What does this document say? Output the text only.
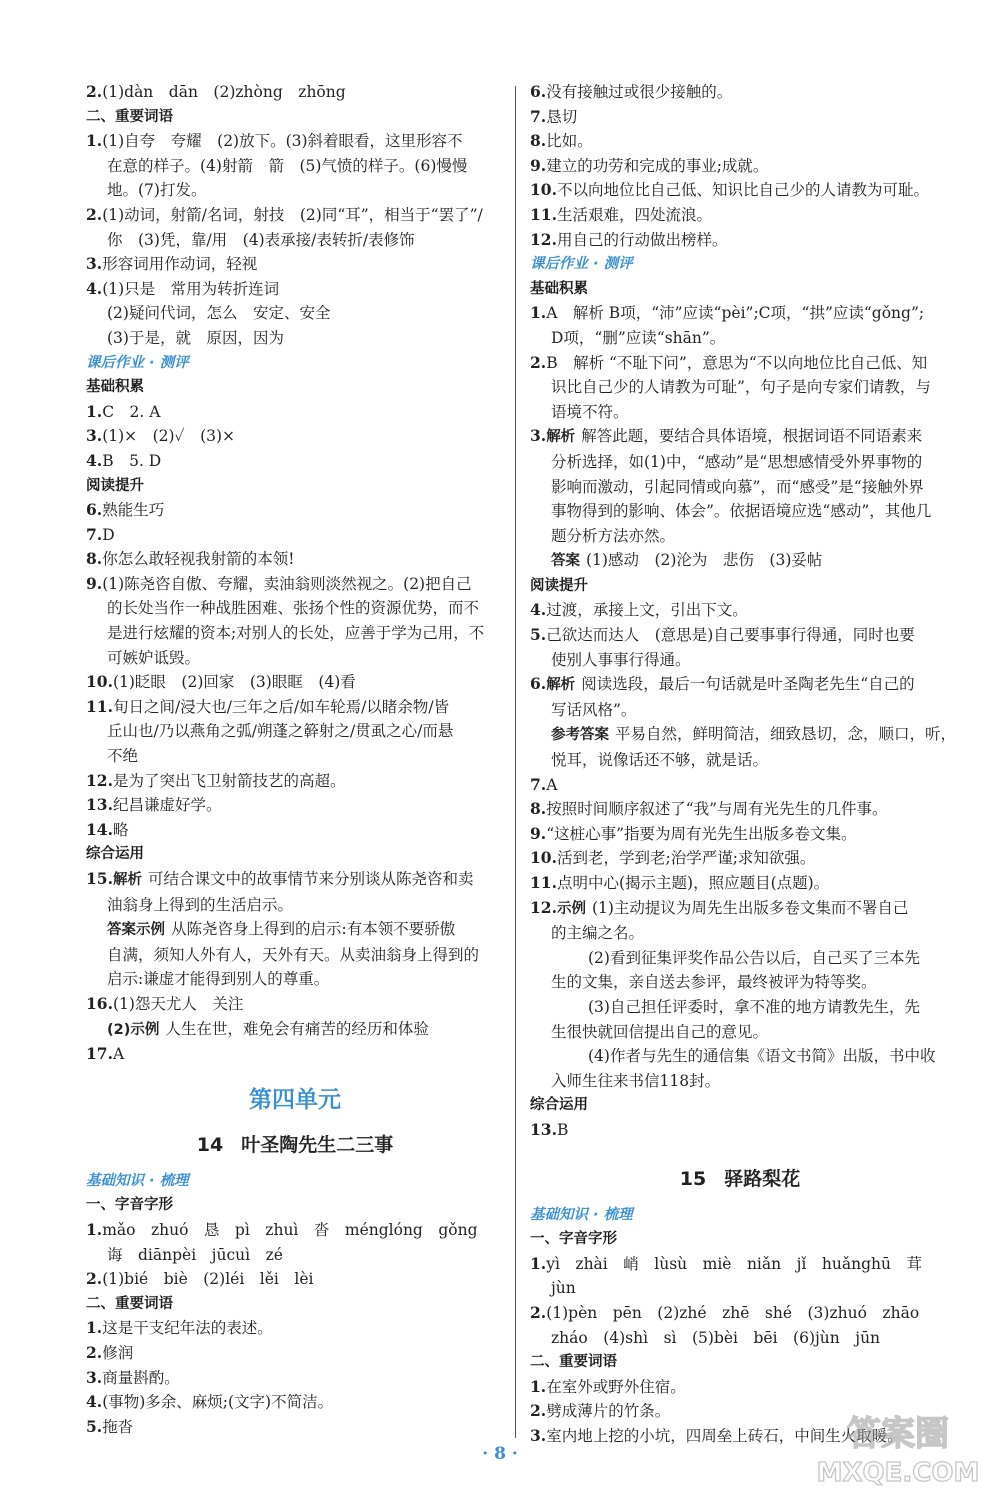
2.(1)dàn　dān　(2)zhòng　zhōng
二、重要词语
1.(1)自夸　夸耀　(2)放下。(3)斜着眼看，这里形容不
在意的样子。(4)射箭　箭　(5)气愤的样子。(6)慢慢
地。(7)打发。
2.(1)动词，射箭/名词，射技　(2)同“耳”，相当于“罢了”/
你　(3)凭，靠/用　(4)表承接/表转折/表修饰
3.形容词用作动词，轻视
4.(1)只是　常用为转折连词
(2)疑问代词，怎么　安定、安全
(3)于是，就　原因，因为
课后作业 · 测评
基础积累
1.C　2. A
3.(1)×　(2)✓　(3)×
4.B　5. D
阅读提升
6.熟能生巧
7.D
8.你怎么敢轻视我射箭的本领!
9.(1)陈尧咨自傲、夸耀，卖油翁则淡然视之。(2)把自己
的长处当作一种战胜困难、张扬个性的资源优势，而不
是进行炫耀的资本;对别人的长处，应善于学为己用，不
可嫉妒诋毁。
10.(1)眨眼　(2)回家　(3)眼眶　(4)看
11.旬日之间/浸大也/三年之后/如车轮焉/以睹余物/皆
丘山也/乃以燕角之弧/朔蓬之簳射之/贯虱之心/而悬
不绝
12.是为了突出飞卫射箭技艺的高超。
13.纪昌谦虚好学。
14.略
综合运用
15.解析 可结合课文中的故事情节来分别谈从陈尧咨和卖
油翁身上得到的生活启示。
答案示例 从陈尧咨身上得到的启示:有本领不要骄傲
自满，须知人外有人，天外有天。从卖油翁身上得到的
启示:谦虚才能得到别人的尊重。
16.(1)怨天尤人　关注
(2)示例 人生在世，难免会有痛苦的经历和体验
17.A
第四单元
14 叶圣陶先生二三事
基础知识 · 梳理
一、字音字形
1.mǎo　zhuó　恳　pì　zhuì　沓　ménglóng　gǒng
诲　diānpèi　jūcuì　zé
2.(1)bié　biè　(2)léi　lěi　lèi
二、重要词语
1.这是干支纪年法的表述。
2.修润
3.商量斟酌。
4.(事物)多余、麻烦;(文字)不简洁。
5.拖沓
6.没有接触过或很少接触的。
7.恳切
8.比如。
9.建立的功劳和完成的事业;成就。
10.不以向地位比自己低、知识比自己少的人请教为可耻。
11.生活艰难，四处流浪。
12.用自己的行动做出榜样。
课后作业 · 测评
基础积累
1.A　解析 B项，“沛”应读“pèi”;C项，“拱”应读“gǒng”;
D项，“删”应读“shān”。
2.B　解析 “不耻下问”，意思为“不以向地位比自己低、知
识比自己少的人请教为可耻”，句子是向专家们请教，与
语境不符。
3.解析 解答此题，要结合具体语境，根据词语不同语素来
分析选择，如(1)中，“感动”是“思想感情受外界事物的
影响而激动，引起同情或向慕”，而“感受”是“接触外界
事物得到的影响、体会”。依据语境应选“感动”，其他几
题分析方法亦然。
答案 (1)感动　(2)沦为　悲伤　(3)妥帖
阅读提升
4.过渡，承接上文，引出下文。
5.己欲达而达人　(意思是)自己要事事行得通，同时也要
使别人事事行得通。
6.解析 阅读选段，最后一句话就是叶圣陶老先生“自己的
写话风格”。
参考答案 平易自然，鲜明简洁，细致恳切，念，顺口，听，
悦耳，说像话还不够，就是话。
7.A
8.按照时间顺序叙述了“我”与周有光先生的几件事。
9.“这桩心事”指要为周有光先生出版多卷文集。
10.活到老，学到老;治学严谨;求知欲强。
11.点明中心(揭示主题)，照应题目(点题)。
12.示例 (1)主动提议为周先生出版多卷文集而不署自己
的主编之名。
(2)看到征集评奖作品公告以后，自己买了三本先
生的文集，亲自送去参评，最终被评为特等奖。
(3)自己担任评委时，拿不准的地方请教先生，先
生很快就回信提出自己的意见。
(4)作者与先生的通信集《语文书简》出版，书中收
入师生往来书信118封。
综合运用
13.B
15 驿路梨花
基础知识 · 梳理
一、字音字形
1.yì　zhài　峭　lùsù　miè　niǎn　jǐ　huǎnghū　茸
jùn
2.(1)pèn　pēn　(2)zhé　zhē　shé　(3)zhuó　zhāo
zháo　(4)shì　sì　(5)bèi　bēi　(6)jùn　jūn
二、重要词语
1.在室外或野外住宿。
2.劈成薄片的竹条。
3.室内地上挖的小坑，四周垒上砖石，中间生火取暖。
· 8 ·	答案圈
MXQE.COM
